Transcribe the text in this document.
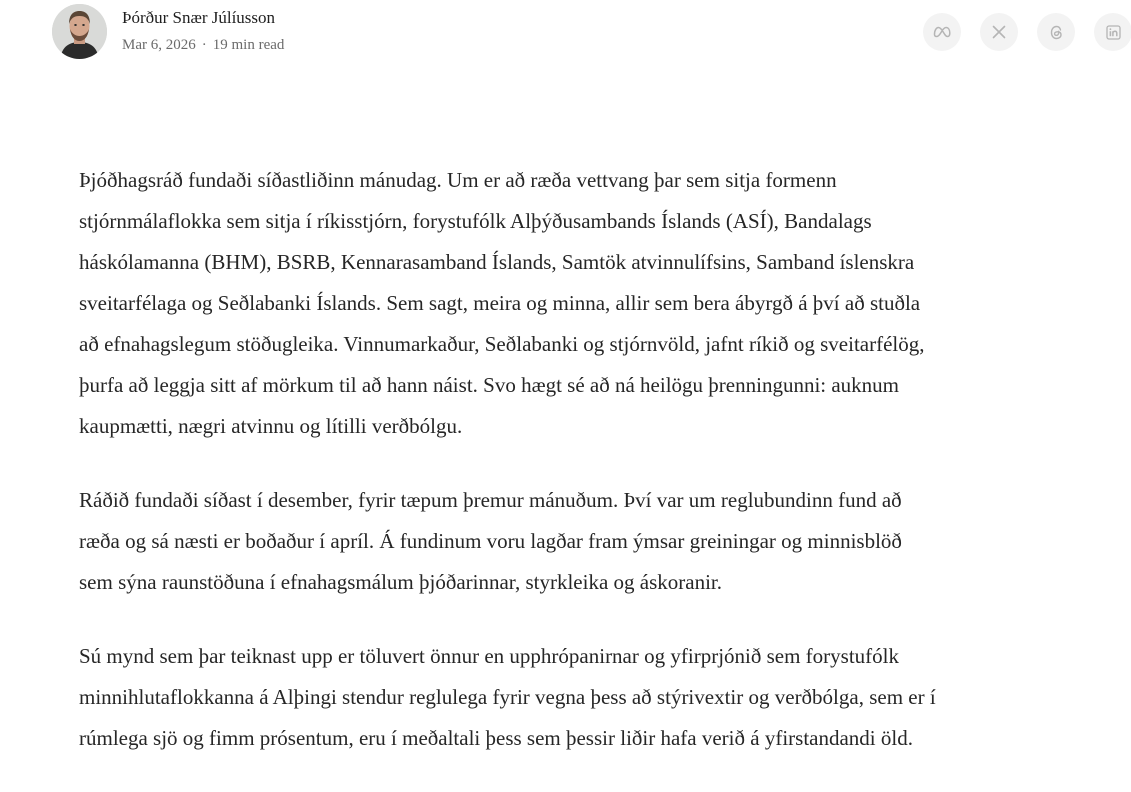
Þórður Snær Júlíusson
Mar 6, 2026 · 19 min read

Þjóðhagsráð fundaði síðastliðinn mánudag. Um er að ræða vettvang þar sem sitja formenn
stjórnmálaflokka sem sitja í ríkisstjórn, forystufólk Alþýðusambands Íslands (ASÍ), Bandalags
háskólamanna (BHM), BSRB, Kennarasamband Íslands, Samtök atvinnulífsins, Samband íslenskra
sveitarfélaga og Seðlabanki Íslands. Sem sagt, meira og minna, allir sem bera ábyrgð á því að stuðla
að efnahagslegum stöðugleika. Vinnumarkaður, Seðlabanki og stjórnvöld, jafnt ríkið og sveitarfélög,
þurfa að leggja sitt af mörkum til að hann náist. Svo hægt sé að ná heilögu þrenningunni: auknum
kaupmætti, nægri atvinnu og lítilli verðbólgu.

Ráðið fundaði síðast í desember, fyrir tæpum þremur mánuðum. Því var um reglubundinn fund að
ræða og sá næsti er boðaður í apríl. Á fundinum voru lagðar fram ýmsar greiningar og minnisblöð
sem sýna raunstöðuna í efnahagsmálum þjóðarinnar, styrkleika og áskoranir.

Sú mynd sem þar teiknast upp er töluvert önnur en upphrópanirnar og yfirprjónið sem forystufólk
minnihlutaflokkanna á Alþingi stendur reglulega fyrir vegna þess að stýrivextir og verðbólga, sem er í
rúmlega sjö og fimm prósentum, eru í meðaltali þess sem þessir liðir hafa verið á yfirstandandi öld.
